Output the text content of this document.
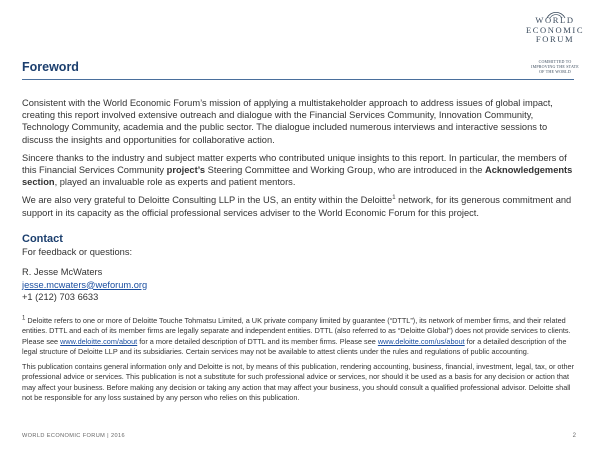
WORLD
ECONOMIC
FORUM
COMMITTED TO
IMPROVING THE STATE
OF THE WORLD
Foreword

Consistent with the World Economic Forum’s mission of applying a multistakeholder approach to address issues of global impact, creating this report involved extensive outreach and dialogue with the Financial Services Community, Innovation Community, Technology Community, academia and the public sector. The dialogue included numerous interviews and interactive sessions to discuss the insights and opportunities for collaborative action.

Sincere thanks to the industry and subject matter experts who contributed unique insights to this report. In particular, the members of this Financial Services Community project’s Steering Committee and Working Group, who are introduced in the Acknowledgements section, played an invaluable role as experts and patient mentors.

We are also very grateful to Deloitte Consulting LLP in the US, an entity within the Deloitte$^1$ network, for its generous commitment and support in its capacity as the official professional services adviser to the World Economic Forum for this project.

Contact
For feedback or questions:
R. Jesse McWaters
jesse.mcwaters@weforum.org
+1 (212) 703 6633

$^1$ Deloitte refers to one or more of Deloitte Touche Tohmatsu Limited, a UK private company limited by guarantee (“DTTL”), its network of member firms, and their related entities. DTTL and each of its member firms are legally separate and independent entities. DTTL (also referred to as “Deloitte Global”) does not provide services to clients. Please see www.deloitte.com/about for a more detailed description of DTTL and its member firms. Please see www.deloitte.com/us/about for a detailed description of the legal structure of Deloitte LLP and its subsidiaries. Certain services may not be available to attest clients under the rules and regulations of public accounting.

This publication contains general information only and Deloitte is not, by means of this publication, rendering accounting, business, financial, investment, legal, tax, or other professional advice or services. This publication is not a substitute for such professional advice or services, nor should it be used as a basis for any decision or action that may affect your business. Before making any decision or taking any action that may affect your business, you should consult a qualified professional advisor. Deloitte shall not be responsible for any loss sustained by any person who relies on this publication.

WORLD ECONOMIC FORUM | 2016	2
